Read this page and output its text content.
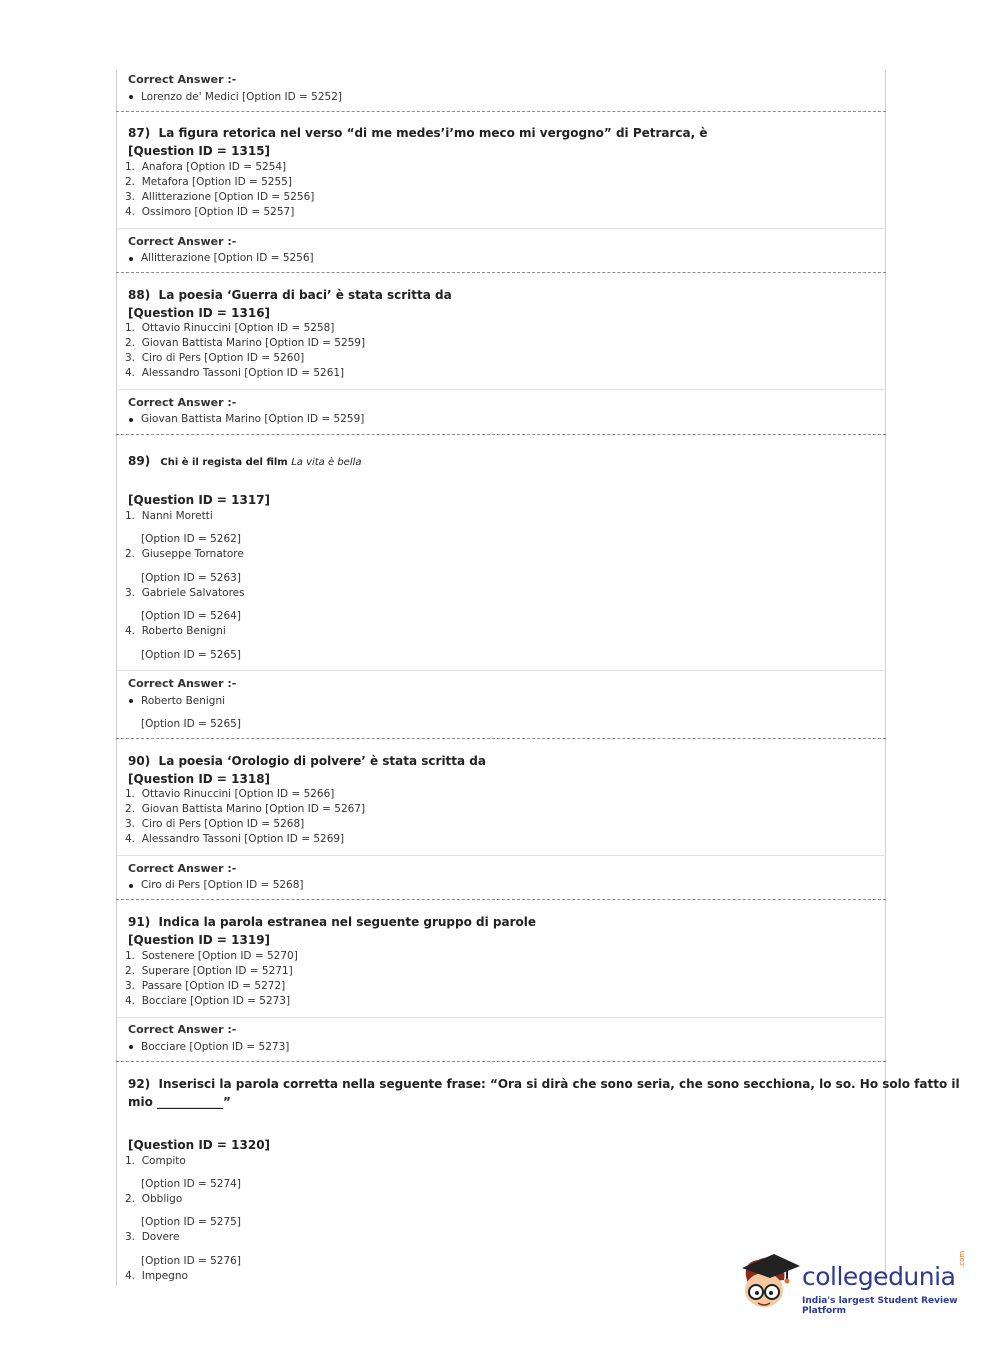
Correct Answer :-
Lorenzo de' Medici [Option ID = 5252]
87) La figura retorica nel verso “di me medes’i’mo meco mi vergogno” di Petrarca, è
[Question ID = 1315]
1. Anafora [Option ID = 5254]
2. Metafora [Option ID = 5255]
3. Allitterazione [Option ID = 5256]
4. Ossimoro [Option ID = 5257]
Correct Answer :-
Allitterazione [Option ID = 5256]
88) La poesia ‘Guerra di baci’ è stata scritta da
[Question ID = 1316]
1. Ottavio Rinuccini [Option ID = 5258]
2. Giovan Battista Marino [Option ID = 5259]
3. Ciro di Pers [Option ID = 5260]
4. Alessandro Tassoni [Option ID = 5261]
Correct Answer :-
Giovan Battista Marino [Option ID = 5259]
89) Chi è il regista del film La vita è bella
[Question ID = 1317]
1. Nanni Moretti
[Option ID = 5262]
2. Giuseppe Tornatore
[Option ID = 5263]
3. Gabriele Salvatores
[Option ID = 5264]
4. Roberto Benigni
[Option ID = 5265]
Correct Answer :-
Roberto Benigni
[Option ID = 5265]
90) La poesia ‘Orologio di polvere’ è stata scritta da
[Question ID = 1318]
1. Ottavio Rinuccini [Option ID = 5266]
2. Giovan Battista Marino [Option ID = 5267]
3. Ciro di Pers [Option ID = 5268]
4. Alessandro Tassoni [Option ID = 5269]
Correct Answer :-
Ciro di Pers [Option ID = 5268]
91) Indica la parola estranea nel seguente gruppo di parole
[Question ID = 1319]
1. Sostenere [Option ID = 5270]
2. Superare [Option ID = 5271]
3. Passare [Option ID = 5272]
4. Bocciare [Option ID = 5273]
Correct Answer :-
Bocciare [Option ID = 5273]
92) Inserisci la parola corretta nella seguente frase: “Ora si dirà che sono seria, che sono secchiona, lo so. Ho solo fatto il
mio ___________”
[Question ID = 1320]
1. Compito
[Option ID = 5274]
2. Obbligo
[Option ID = 5275]
3. Dovere
[Option ID = 5276]
4. Impegno	collegedunia
.com
India's largest Student Review Platform
